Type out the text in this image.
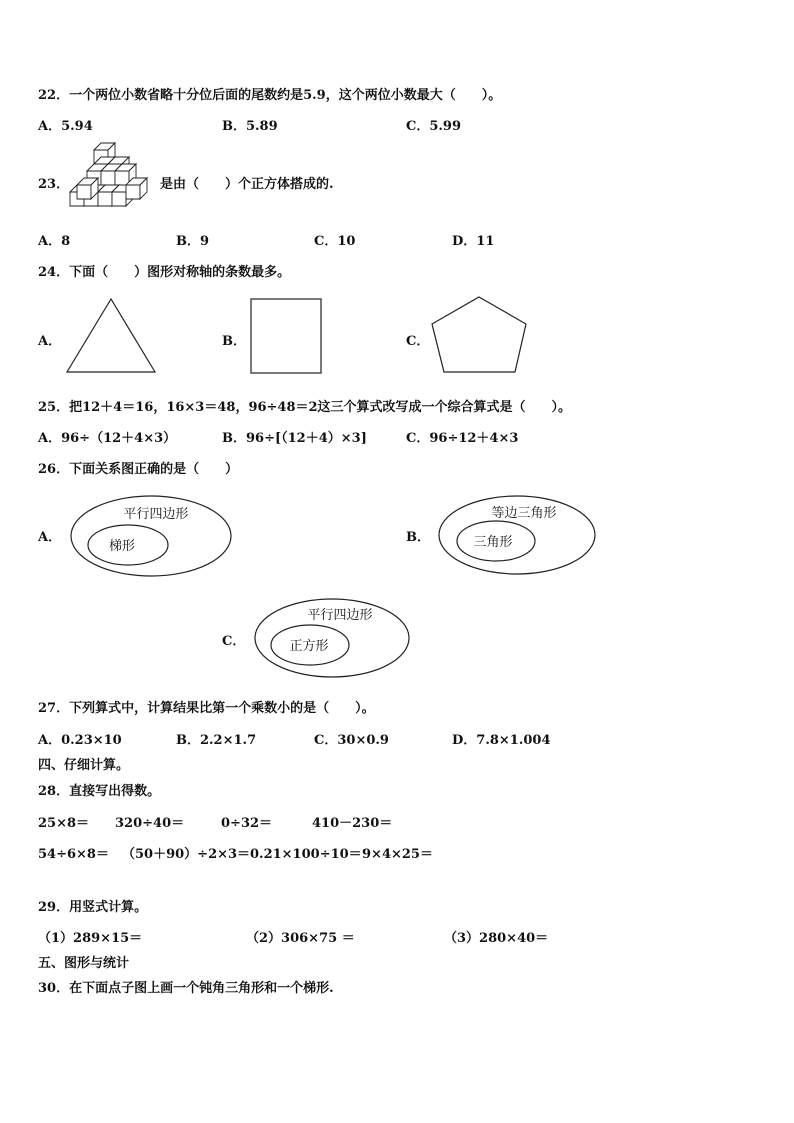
22．一个两位小数省略十分位后面的尾数约是5.9，这个两位小数最大（　　）。
A．5.94	B．5.89	C．5.99
23．	是由（　　）个正方体搭成的.
A．8	B．9	C．10	D．11
24．下面（　　）图形对称轴的条数最多。
A．	B．	C．
25．把12＋4＝16，16×3＝48，96÷48＝2这三个算式改写成一个综合算式是（　　）。
A．96÷（12＋4×3）	B．96÷[（12＋4）×3]	C．96÷12＋4×3
26．下面关系图正确的是（　　）
A．
平行四边形
梯形
B．
等边三角形
三角形
C．
平行四边形
正方形
27．下列算式中，计算结果比第一个乘数小的是（　　）。
A．0.23×10	B．2.2×1.7	C．30×0.9	D．7.8×1.004
四、仔细计算。
28．直接写出得数。
25×8＝ 320÷40＝	0÷32＝	410－230＝
54÷6×8＝ （50＋90）÷2×3＝ 0.21×100÷10＝ 9×4×25＝
29．用竖式计算。
（1）289×15＝	（2）306×75 ＝	（3）280×40＝
五、图形与统计
30．在下面点子图上画一个钝角三角形和一个梯形.
